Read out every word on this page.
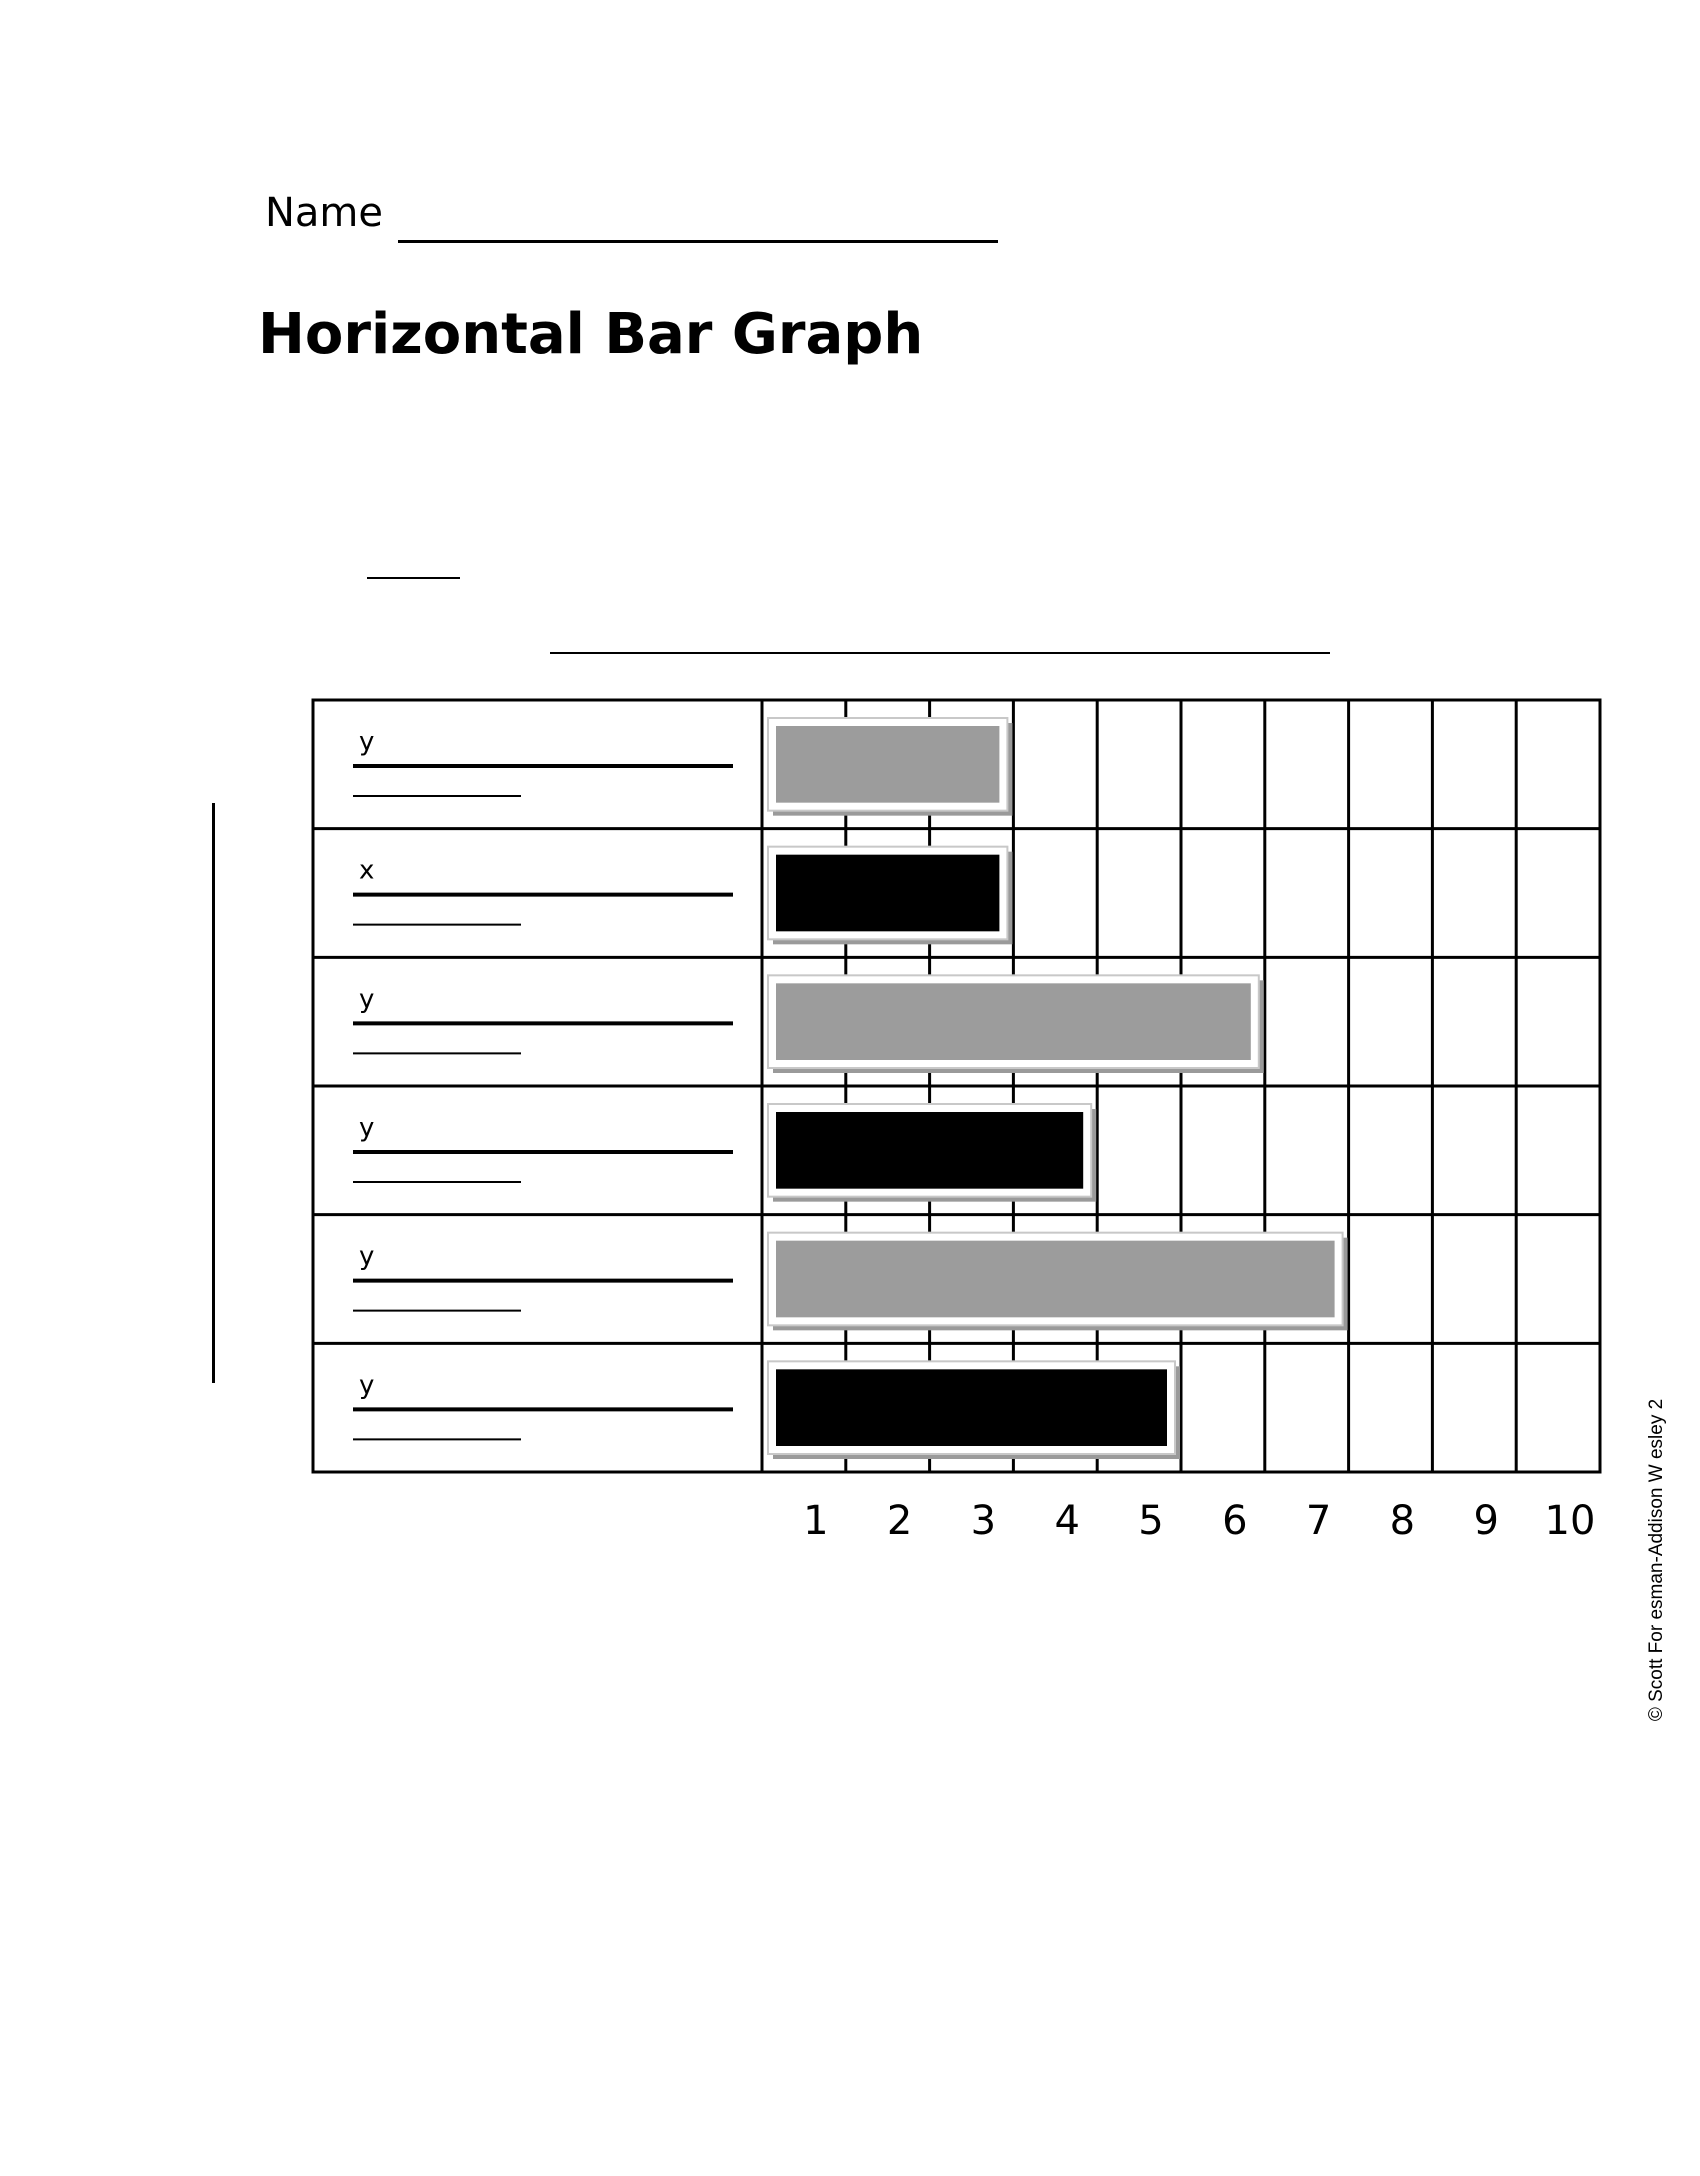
Name
Horizontal Bar Graph
y
x
y
y
y
y
1 2 3 4 5 6 7 8 9 10	© Scott For esman-Addison W esley 2
